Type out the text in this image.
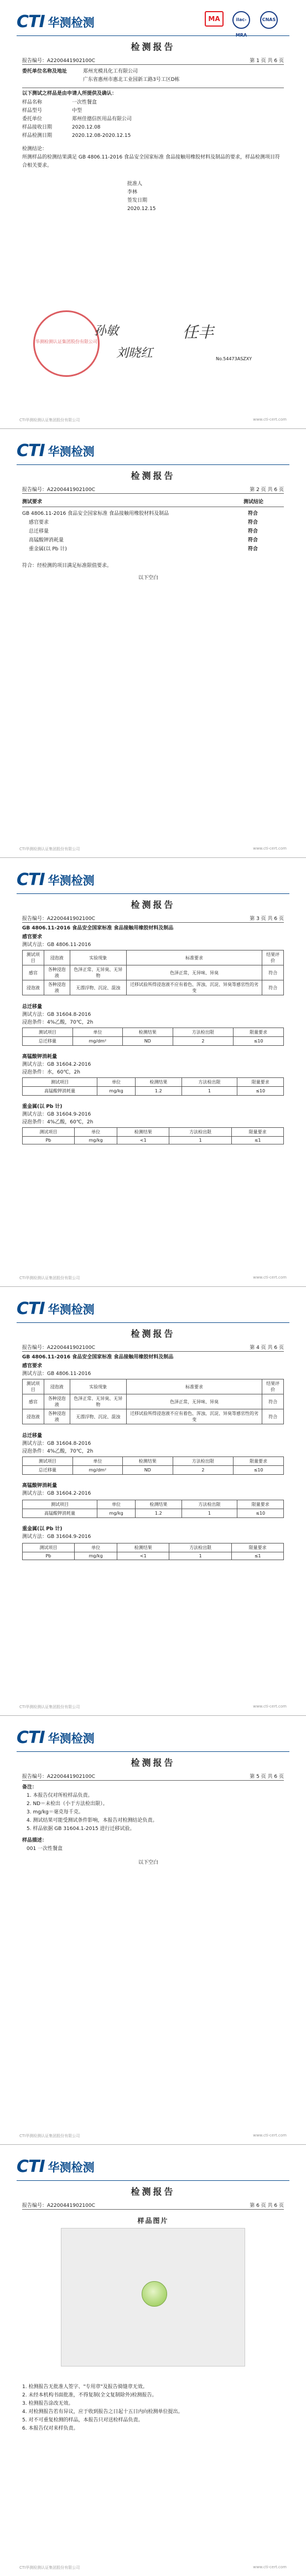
CTI 华测检测	MA	ilac-	CNAS
检测报告
报告编号：A2200441902100C	第 1 页 共 6 页
委托单位名称及地址	郑州光模具化工有限公司
广东省惠州市惠北工业园新工路3号工区D栋
以下测试之样品是由申请人所提供及确认：
样品名称	一次性餐盒
样品型号	中型
委托单位	郑州佳德信医用品有限公司
样品接收日期	2020.12.08
样品检测日期	2020.12.08-2020.12.15
检测结论：
所测样品的检测结果满足 GB 4806.11-2016 食品安全国家标准 食品接触用橡胶材料及制品的要求，样品检测项目符合相关要求。
批准人
李林
签发日期
2020.12.15
华测检测认证集团股份有限公司
孙敏	任丰
刘晓红	No.54473ASZXY
CTI华测检测认证集团股份有限公司	www.cti-cert.com
CTI 华测检测
检测报告
报告编号：A2200441902100C	第 2 页 共 6 页
测试要求	测试结论
GB 4806.11-2016 食品安全国家标准 食品接触用橡胶材料及制品	符合
感官要求	符合
总迁移量	符合
高锰酸钾消耗量	符合
重金属(以 Pb 计)	符合
符合：经检测的项目满足标准限值要求。
以下空白
CTI华测检测认证集团股份有限公司	www.cti-cert.com
CTI 华测检测
检测报告
报告编号：A2200441902100C	第 3 页 共 6 页
GB 4806.11-2016 食品安全国家标准 食品接触用橡胶材料及制品
感官要求
测试方法：GB 4806.11-2016
测试项目	浸泡液	实验现象	标准要求	结果评价
感官	各种浸泡液	色泽正常、无异臭、无异物	色泽正常，无异味、异臭	符合
浸泡液	各种浸泡液	无漂浮物、沉淀、混浊	迁移试验所得浸泡液不应有着色、浑浊、沉淀、异臭等感官性的劣变	符合
总迁移量
测试方法：GB 31604.8-2016
浸泡条件：4%乙酸，70℃，2h
测试项目	单位	检测结果	方法检出限	限量要求
总迁移量	mg/dm²	ND	2	≤10
高锰酸钾消耗量
测试方法：GB 31604.2-2016
浸泡条件：水，60℃，2h
测试项目	单位	检测结果	方法检出限	限量要求
高锰酸钾消耗量	mg/kg	1.2	1	≤10
重金属(以 Pb 计)
测试方法：GB 31604.9-2016
浸泡条件：4%乙酸，60℃，2h
测试项目	单位	检测结果	方法检出限	限量要求
Pb	mg/kg	<1	1	≤1
CTI华测检测认证集团股份有限公司	www.cti-cert.com
CTI 华测检测
检测报告
报告编号：A2200441902100C	第 4 页 共 6 页
GB 4806.11-2016 食品安全国家标准 食品接触用橡胶材料及制品
感官要求
测试方法：GB 4806.11-2016
测试项目	浸泡液	实验现象	标准要求	结果评价
感官	各种浸泡液	色泽正常、无异臭、无异物	色泽正常，无异味、异臭	符合
浸泡液	各种浸泡液	无漂浮物、沉淀、混浊	迁移试验所得浸泡液不应有着色、浑浊、沉淀、异臭等感官性的劣变	符合
总迁移量
测试方法：GB 31604.8-2016
浸泡条件：4%乙酸，70℃，2h
测试项目	单位	检测结果	方法检出限	限量要求
总迁移量	mg/dm²	ND	2	≤10
高锰酸钾消耗量
测试方法：GB 31604.2-2016
测试项目	单位	检测结果	方法检出限	限量要求
高锰酸钾消耗量	mg/kg	1.2	1	≤10
重金属(以 Pb 计)
测试方法：GB 31604.9-2016
测试项目	单位	检测结果	方法检出限	限量要求
Pb	mg/kg	<1	1	≤1
CTI华测检测认证集团股份有限公司	www.cti-cert.com
CTI 华测检测
检测报告
报告编号：A2200441902100C	第 5 页 共 6 页
备注：
1. 本报告仅对所检样品负责。
2. ND＝未检出（小于方法检出限）。
3. mg/kg＝毫克每千克。
4. 测试结果可能受测试条件影响，本报告对检测结论负责。
5. 样品依据 GB 31604.1-2015 进行迁移试验。
样品描述：
001 一次性餐盒
以下空白
CTI华测检测认证集团股份有限公司	www.cti-cert.com
CTI 华测检测
检测报告
报告编号：A2200441902100C	第 6 页 共 6 页
样品图片
1. 检测报告无批准人签字、"专用章"及报告骑缝章无效。
2. 未经本机构书面批准，不得复制(全文复制除外)检测报告。
3. 检测报告涂改无效。
4. 对检测报告若有异议，应于收到报告之日起十五日内向检测单位提出。
5. 对不可重复检测的样品，本报告只对送检样品负责。
6. 本报告仅对来样负责。
CTI华测检测认证集团股份有限公司	www.cti-cert.com
